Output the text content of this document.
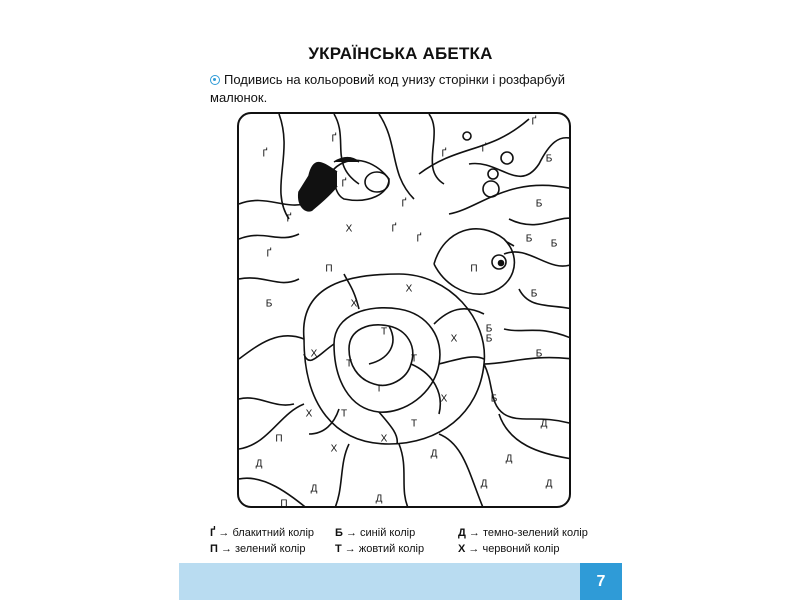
УКРАЇНСЬКА АБЕТКА
Подивись на кольоровий код унизу сторінки і розфарбуй малюнок.
Ґ
Ґ
Ґ
Ґ
Ґ
Ґ
Ґ
Ґ	Ґ
Ґ
Ґ
Б
Б
Б Б
Б
Б
Б
Б
Б
Б
Х
Х
Х
Х
Х
Х
Х
Х
Х
Т
Т
Т
Т
Т
Т
П	П
П
П
Д
Д
Д
Д
Д
Д
Д
Д
Ґ → блакитний колір
П → зелений колір
Б → синій колір
Т → жовтий колір
Д → темно-зелений колір
Х → червоний колір
7
